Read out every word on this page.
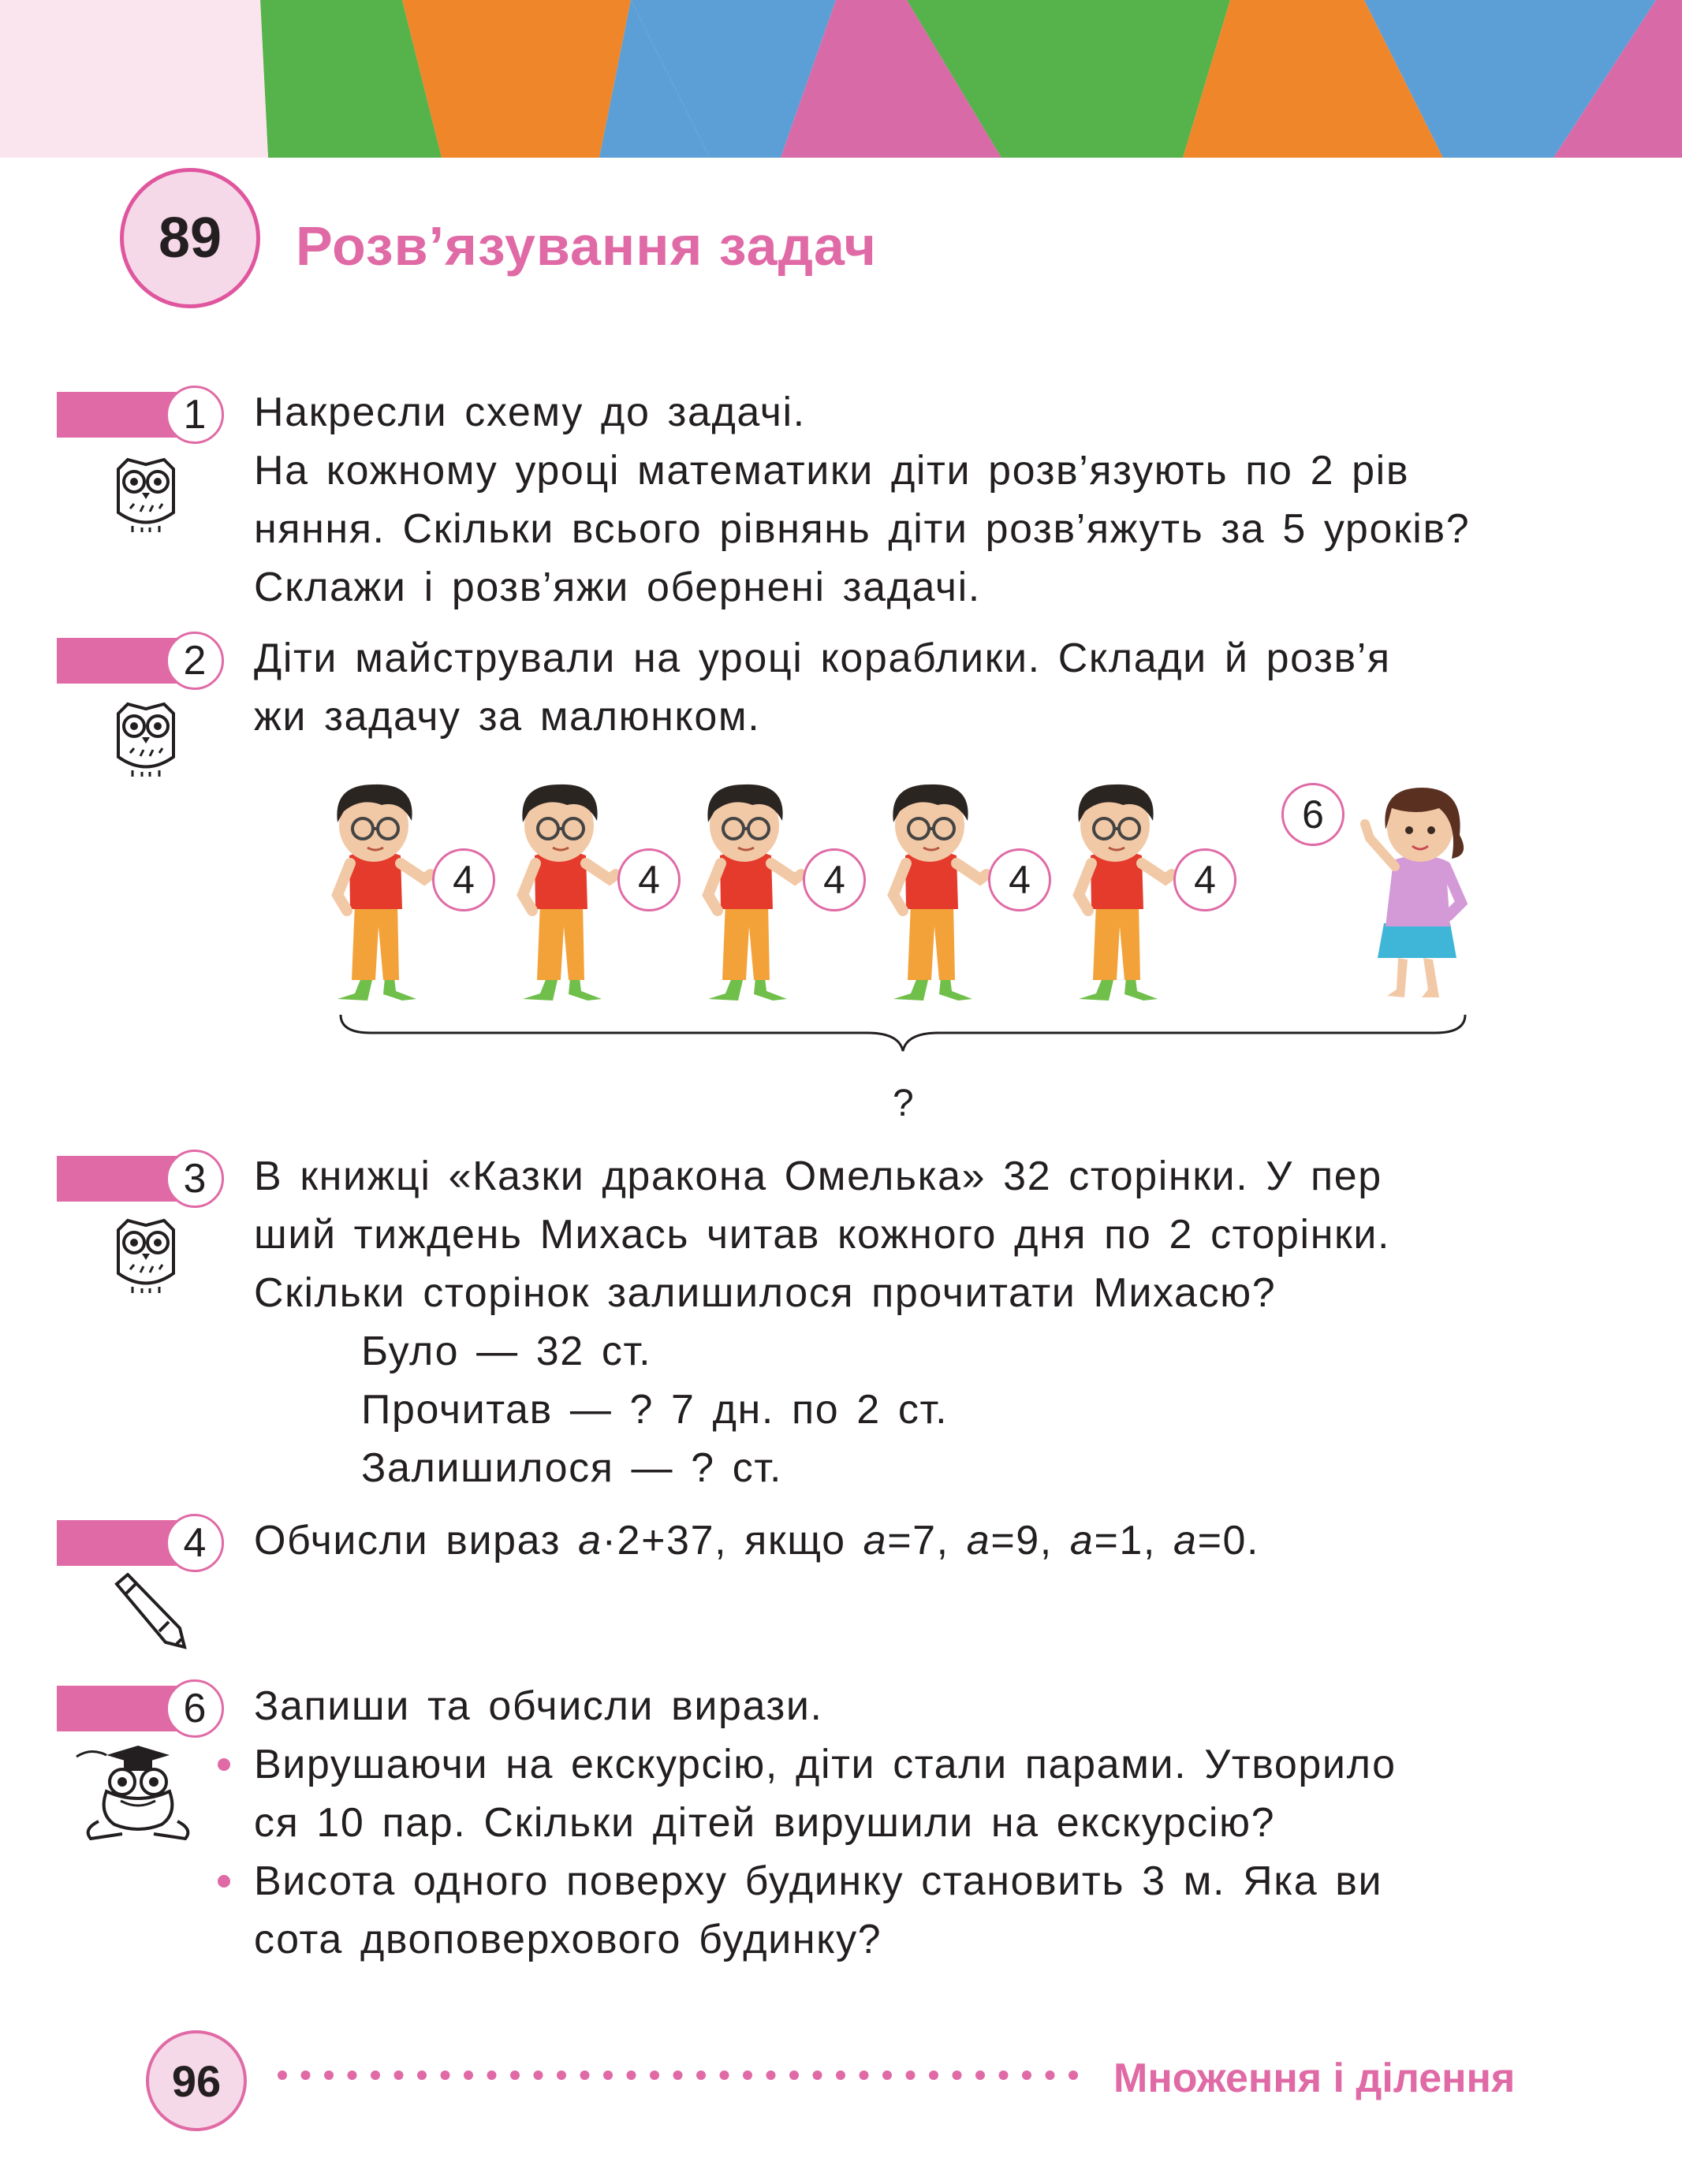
89	Розв’язування задач
1	Накресли схему до задачі.
На кожному уроці математики діти розв’язують по 2 рів
няння. Скільки всього рівнянь діти розв’яжуть за 5 уроків?
Склажи і розв’яжи обернені задачі.
2	Діти майстрували на уроці кораблики. Склади й розв’я
жи задачу за малюнком.
4	4	4	4	4
6
?
3	В книжці «Казки дракона Омелька» 32 сторінки. У пер
ший тиждень Михась читав кожного дня по 2 сторінки.
Скільки сторінок залишилося прочитати Михасю?
Було — 32 ст.
Прочитав — ? 7 дн. по 2 ст.
Залишилося — ? ст.
4	Обчисли вираз а·2+37, якщо а=7, а=9, а=1, а=0.
6	Запиши та обчисли вирази.
Вирушаючи на екскурсію, діти стали парами. Утворило
ся 10 пар. Скільки дітей вирушили на екскурсію?
Висота одного поверху будинку становить 3 м. Яка ви
сота двоповерхового будинку?
96	Множення і ділення
